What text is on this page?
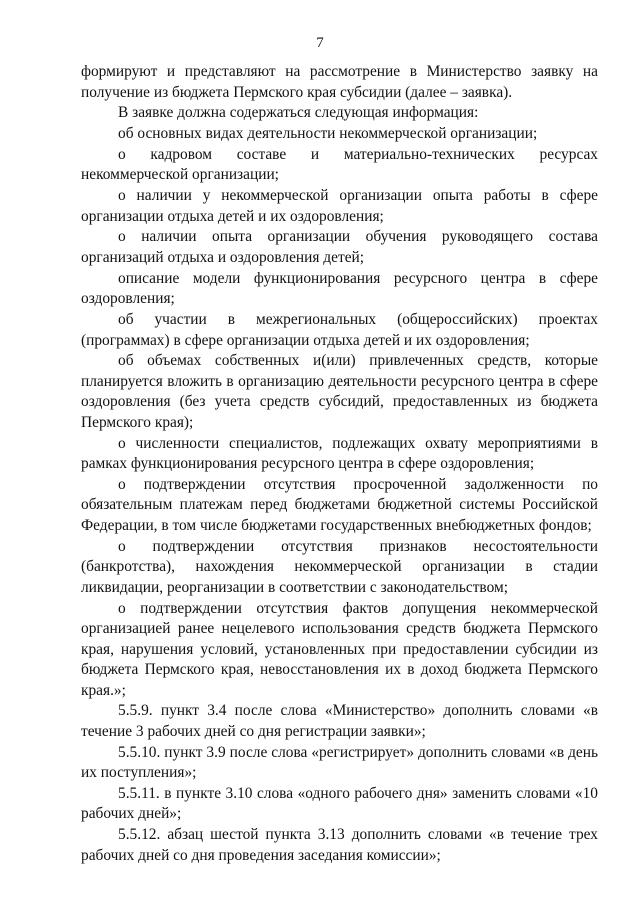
7

формируют и представляют на рассмотрение в Министерство заявку на получение из бюджета Пермского края субсидии (далее – заявка).

В заявке должна содержаться следующая информация:

об основных видах деятельности некоммерческой организации;

о кадровом составе и материально-технических ресурсах некоммерческой организации;

о наличии у некоммерческой организации опыта работы в сфере организации отдыха детей и их оздоровления;

о наличии опыта организации обучения руководящего состава организаций отдыха и оздоровления детей;

описание модели функционирования ресурсного центра в сфере оздоровления;

об участии в межрегиональных (общероссийских) проектах (программах) в сфере организации отдыха детей и их оздоровления;

об объемах собственных и(или) привлеченных средств, которые планируется вложить в организацию деятельности ресурсного центра в сфере оздоровления (без учета средств субсидий, предоставленных из бюджета Пермского края);

о численности специалистов, подлежащих охвату мероприятиями в рамках функционирования ресурсного центра в сфере оздоровления;

о подтверждении отсутствия просроченной задолженности по обязательным платежам перед бюджетами бюджетной системы Российской Федерации, в том числе бюджетами государственных внебюджетных фондов;

о подтверждении отсутствия признаков несостоятельности (банкротства), нахождения некоммерческой организации в стадии ликвидации, реорганизации в соответствии с законодательством;

о подтверждении отсутствия фактов допущения некоммерческой организацией ранее нецелевого использования средств бюджета Пермского края, нарушения условий, установленных при предоставлении субсидии из бюджета Пермского края, невосстановления их в доход бюджета Пермского края.»;

5.5.9. пункт 3.4 после слова «Министерство» дополнить словами «в течение 3 рабочих дней со дня регистрации заявки»;

5.5.10. пункт 3.9 после слова «регистрирует» дополнить словами «в день их поступления»;

5.5.11. в пункте 3.10 слова «одного рабочего дня» заменить словами «10 рабочих дней»;

5.5.12. абзац шестой пункта 3.13 дополнить словами «в течение трех рабочих дней со дня проведения заседания комиссии»;
